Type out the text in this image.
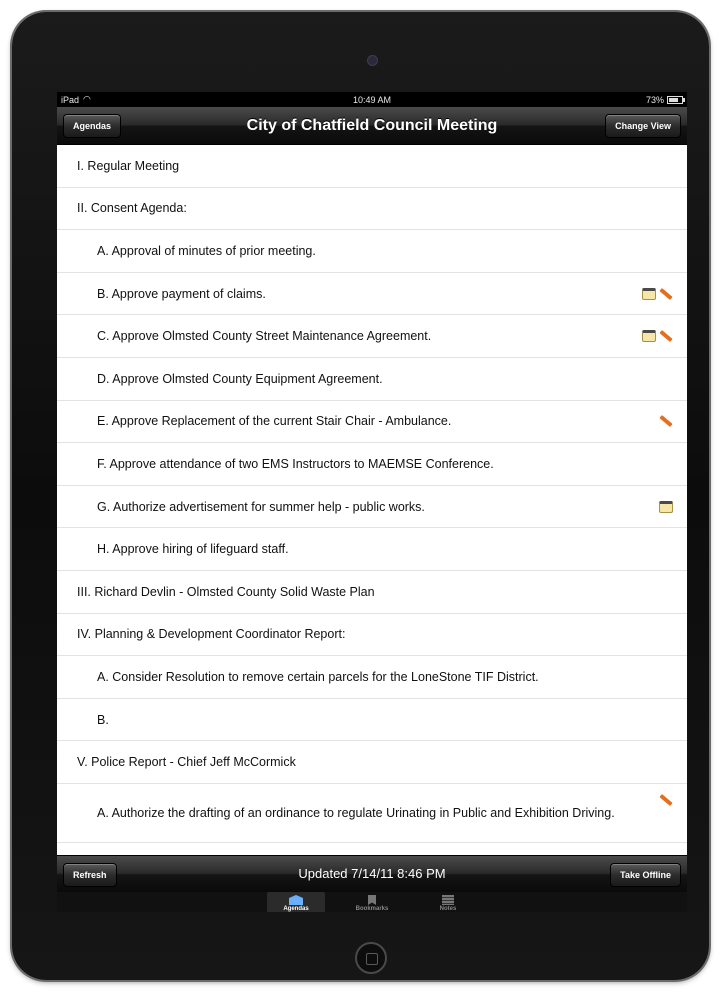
iPad ◠	10:49 AM	73%
Agendas	City of Chatfield Council Meeting	Change View
I. Regular Meeting
II. Consent Agenda:
A. Approval of minutes of prior meeting.
B. Approve payment of claims.
C. Approve Olmsted County Street Maintenance Agreement.
D. Approve Olmsted County Equipment Agreement.
E. Approve Replacement of the current Stair Chair - Ambulance.
F. Approve attendance of two EMS Instructors to MAEMSE Conference.
G. Authorize advertisement for summer help - public works.
H. Approve hiring of lifeguard staff.
III. Richard Devlin - Olmsted County Solid Waste Plan
IV. Planning & Development Coordinator Report:
A. Consider Resolution to remove certain parcels for the LoneStone TIF District.
B.
V. Police Report - Chief Jeff McCormick
A. Authorize the drafting of an ordinance to regulate Urinating in Public and Exhibition Driving.
Refresh	Updated 7/14/11 8:46 PM	Take Offline
Agendas	Bookmarks	Notes
